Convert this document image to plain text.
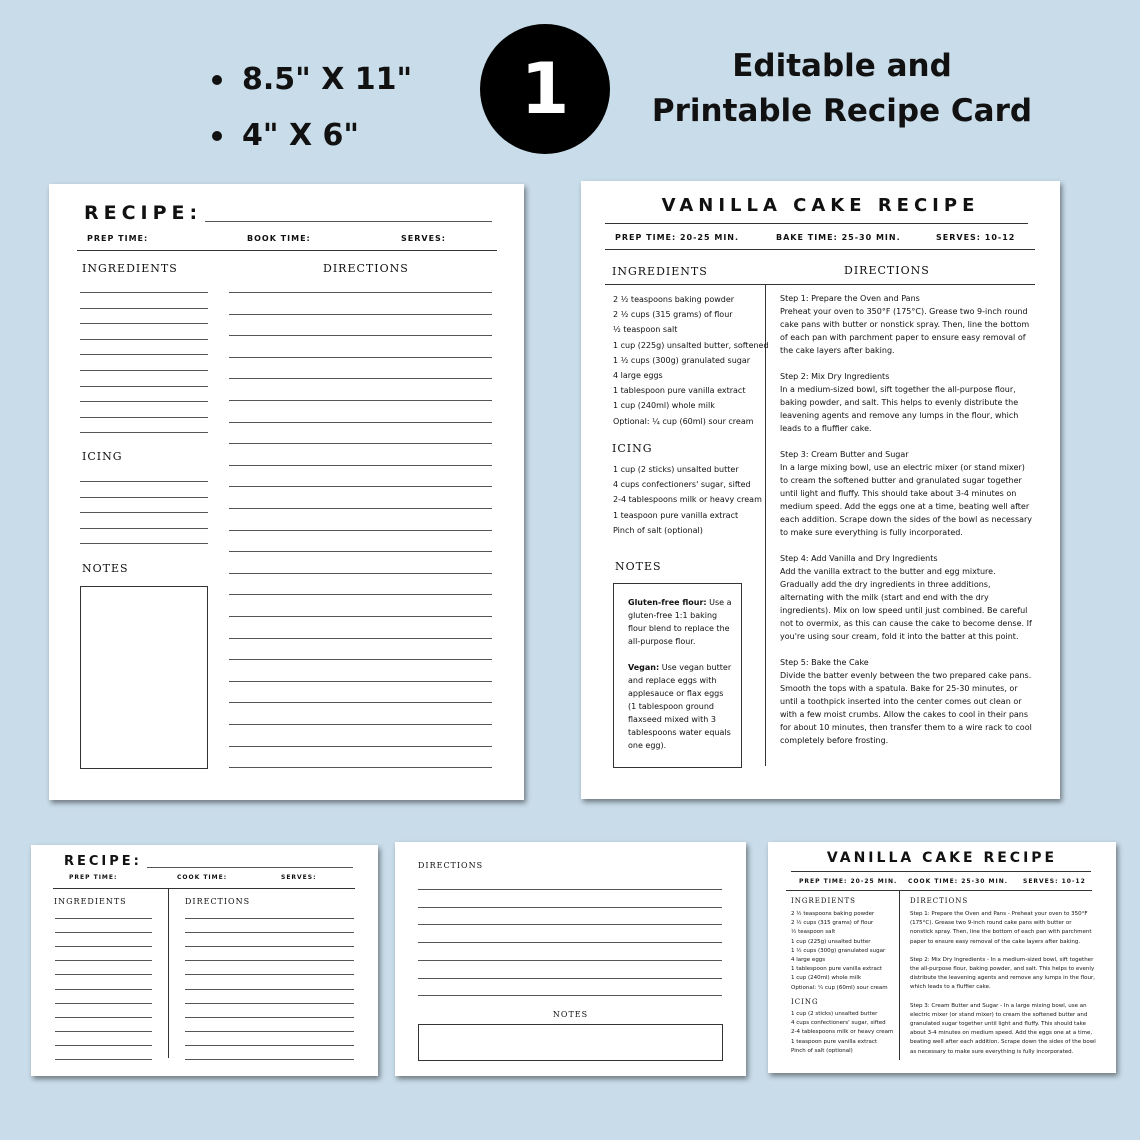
8.5" X 11"
4" X 6"
1	Editable and Printable Recipe Card
RECIPE:
PREP TIME:	BOOK TIME:	SERVES:
INGREDIENTS	DIRECTIONS
ICING
NOTES
VANILLA CAKE RECIPE
PREP TIME: 20-25 MIN.	BAKE TIME: 25-30 MIN.	SERVES: 10-12
INGREDIENTS	DIRECTIONS
2 ½ teaspoons baking powder
2 ½ cups (315 grams) of flour
½ teaspoon salt
1 cup (225g) unsalted butter, softened
1 ½ cups (300g) granulated sugar
4 large eggs
1 tablespoon pure vanilla extract
1 cup (240ml) whole milk
Optional: ¼ cup (60ml) sour cream
ICING
1 cup (2 sticks) unsalted butter
4 cups confectioners' sugar, sifted
2-4 tablespoons milk or heavy cream
1 teaspoon pure vanilla extract
Pinch of salt (optional)
NOTES
Gluten-free flour: Use a gluten-free 1:1 baking flour blend to replace the all-purpose flour.
Vegan: Use vegan butter and replace eggs with applesauce or flax eggs (1 tablespoon ground flaxseed mixed with 3 tablespoons water equals one egg).
Step 1: Prepare the Oven and Pans
Preheat your oven to 350°F (175°C). Grease two 9-inch round cake pans with butter or nonstick spray. Then, line the bottom of each pan with parchment paper to ensure easy removal of the cake layers after baking.
Step 2: Mix Dry Ingredients
In a medium-sized bowl, sift together the all-purpose flour, baking powder, and salt. This helps to evenly distribute the leavening agents and remove any lumps in the flour, which leads to a fluffier cake.
Step 3: Cream Butter and Sugar
In a large mixing bowl, use an electric mixer (or stand mixer) to cream the softened butter and granulated sugar together until light and fluffy. This should take about 3-4 minutes on medium speed. Add the eggs one at a time, beating well after each addition. Scrape down the sides of the bowl as necessary to make sure everything is fully incorporated.
Step 4: Add Vanilla and Dry Ingredients
Add the vanilla extract to the butter and egg mixture. Gradually add the dry ingredients in three additions, alternating with the milk (start and end with the dry ingredients). Mix on low speed until just combined. Be careful not to overmix, as this can cause the cake to become dense. If you're using sour cream, fold it into the batter at this point.
Step 5: Bake the Cake
Divide the batter evenly between the two prepared cake pans. Smooth the tops with a spatula. Bake for 25-30 minutes, or until a toothpick inserted into the center comes out clean or with a few moist crumbs. Allow the cakes to cool in their pans for about 10 minutes, then transfer them to a wire rack to cool completely before frosting.
RECIPE:
PREP TIME:	COOK TIME:	SERVES:
INGREDIENTS	DIRECTIONS
DIRECTIONS
NOTES
VANILLA CAKE RECIPE
PREP TIME: 20-25 MIN. COOK TIME: 25-30 MIN. SERVES: 10-12
INGREDIENTS	DIRECTIONS
2 ½ teaspoons baking powder
2 ½ cups (315 grams) of flour
½ teaspoon salt
1 cup (225g) unsalted butter
1 ½ cups (300g) granulated sugar
4 large eggs
1 tablespoon pure vanilla extract
1 cup (240ml) whole milk
Optional: ¼ cup (60ml) sour cream
ICING
1 cup (2 sticks) unsalted butter
4 cups confectioners' sugar, sifted
2-4 tablespoons milk or heavy cream
1 teaspoon pure vanilla extract
Pinch of salt (optional)
Step 1: Prepare the Oven and Pans - Preheat your oven to 350°F (175°C). Grease two 9-inch round cake pans with butter or nonstick spray. Then, line the bottom of each pan with parchment paper to ensure easy removal of the cake layers after baking.
Step 2: Mix Dry Ingredients - In a medium-sized bowl, sift together the all-purpose flour, baking powder, and salt. This helps to evenly distribute the leavening agents and remove any lumps in the flour, which leads to a fluffier cake.
Step 3: Cream Butter and Sugar - In a large mixing bowl, use an electric mixer (or stand mixer) to cream the softened butter and granulated sugar together until light and fluffy. This should take about 3-4 minutes on medium speed. Add the eggs one at a time, beating well after each addition. Scrape down the sides of the bowl as necessary to make sure everything is fully incorporated.
